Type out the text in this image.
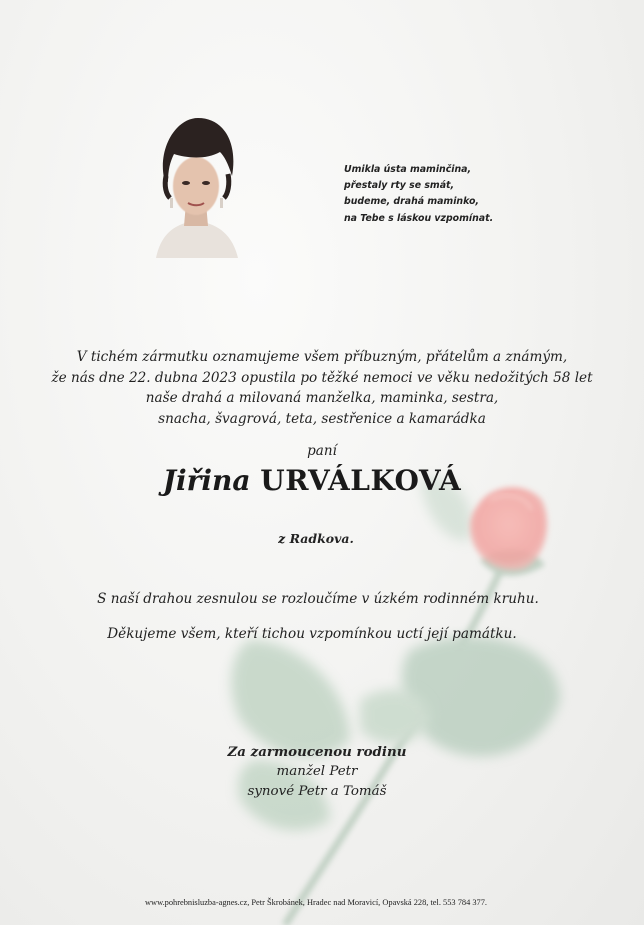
Umikla ústa maminčina,
přestaly rty se smát,
budeme, drahá maminko,
na Tebe s láskou vzpomínat.
V tichém zármutku oznamujeme všem příbuzným, přátelům a známým,
že nás dne 22. dubna 2023 opustila po těžké nemoci ve věku nedožitých 58 let
naše drahá a milovaná manželka, maminka, sestra,
snacha, švagrová, teta, sestřenice a kamarádka
paní
Jiřina URVÁLKOVÁ
z Radkova.
S naší drahou zesnulou se rozloučíme v úzkém rodinném kruhu.
Děkujeme všem, kteří tichou vzpomínkou uctí její památku.
Za zarmoucenou rodinu
manžel Petr
synové Petr a Tomáš
www.pohrebnisluzba-agnes.cz, Petr Škrobánek, Hradec nad Moravicí, Opavská 228, tel. 553 784 377.
